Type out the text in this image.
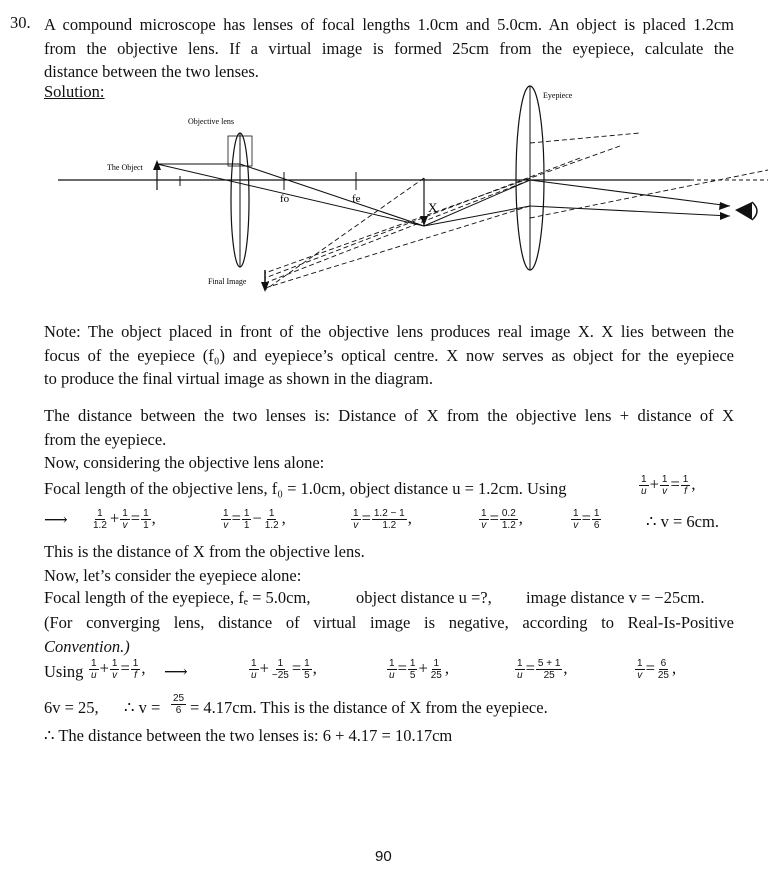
30. A compound microscope has lenses of focal lengths 1.0cm and 5.0cm. An object is placed 1.2cm
from the objective lens. If a virtual image is formed 25cm from the eyepiece, calculate the
distance between the two lenses.
Solution:
Objective lens
Eyepiece
The Object
Final Image
fo	fe
X
Note: The object placed in front of the objective lens produces real image X. X lies between the
focus of the eyepiece (f₀) and eyepiece’s optical centre. X now serves as object for the eyepiece
to produce the final virtual image as shown in the diagram.
The distance between the two lenses is: Distance of X from the objective lens + distance of X
from the eyepiece.
Now, considering the objective lens alone:
Focal length of the objective lens, f₀ = 1.0cm, object distance u = 1.2cm. Using	$\frac{1}{u} + \frac{1}{v} = \frac{1}{f}$ ,
⟶ $\frac{1}{1.2} + \frac{1}{v} = \frac{1}{1}$ ,	$\frac{1}{v} = \frac{1}{1} - \frac{1}{1.2}$ ,	$\frac{1}{v} = \frac{1.2 - 1}{1.2}$ ,	$\frac{1}{v} = \frac{0.2}{1.2}$ ,	$\frac{1}{v} = \frac{1}{6}$	∴ v = 6cm.
This is the distance of X from the objective lens.
Now, let’s consider the eyepiece alone:
Focal length of the eyepiece, fₑ = 5.0cm,	object distance u =?, image distance v = −25cm.
(For converging lens, distance of virtual image is negative, according to Real-Is-Positive
Convention.)
Using $\frac{1}{u} + \frac{1}{v} = \frac{1}{f}$ , ⟶	$\frac{1}{u} + \frac{1}{-25} = \frac{1}{5}$ ,	$\frac{1}{u} = \frac{1}{5} + \frac{1}{25}$ ,	$\frac{1}{u} = \frac{5 + 1}{25}$ ,	$\frac{1}{v} = \frac{6}{25}$ ,
6v = 25, ∴ $v = \frac{25}{6} = 4.17cm$. This is the distance of X from the eyepiece.
∴ The distance between the two lenses is: 6 + 4.17 = 10.17cm
90
